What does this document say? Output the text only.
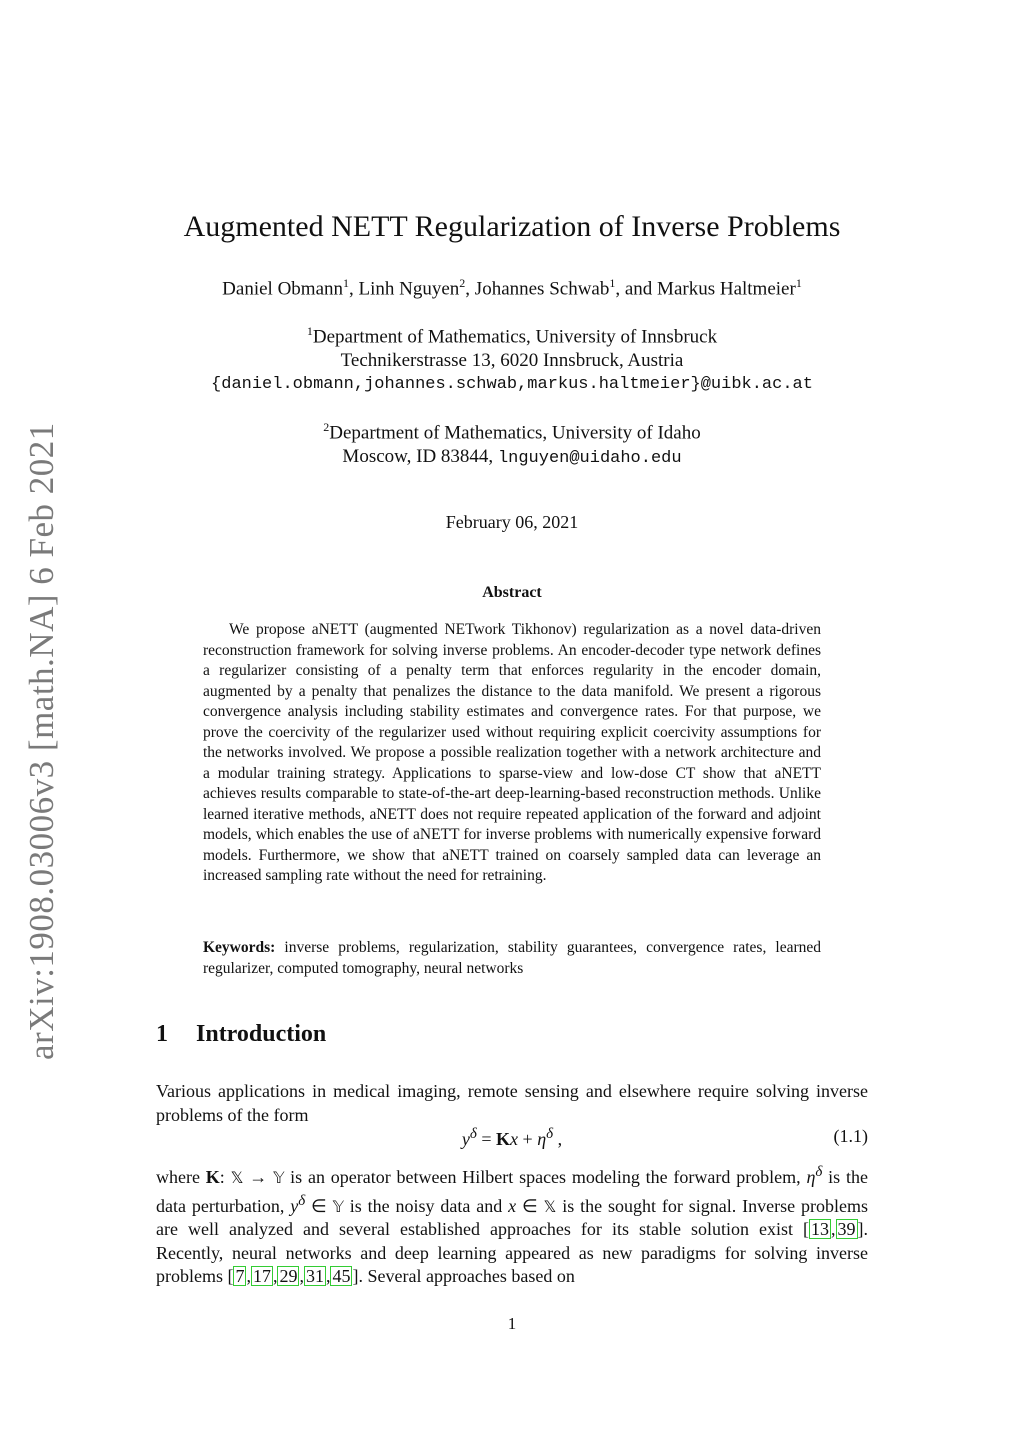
arXiv:1908.03006v3 [math.NA] 6 Feb 2021
Augmented NETT Regularization of Inverse Problems
Daniel Obmann$^1$, Linh Nguyen$^2$, Johannes Schwab$^1$, and Markus Haltmeier$^1$
$^1$Department of Mathematics, University of Innsbruck
Technikerstrasse 13, 6020 Innsbruck, Austria
{daniel.obmann,johannes.schwab,markus.haltmeier}@uibk.ac.at
$^2$Department of Mathematics, University of Idaho
Moscow, ID 83844, lnguyen@uidaho.edu
February 06, 2021
Abstract
We propose aNETT (augmented NETwork Tikhonov) regularization as a novel data-driven reconstruction framework for solving inverse problems. An encoder-decoder type network defines a regularizer consisting of a penalty term that enforces regularity in the encoder domain, augmented by a penalty that penalizes the distance to the data manifold. We present a rigorous convergence analysis including stability estimates and convergence rates. For that purpose, we prove the coercivity of the regularizer used without requiring explicit coercivity assumptions for the networks involved. We propose a possible realization together with a network architecture and a modular training strategy. Applications to sparse-view and low-dose CT show that aNETT achieves results comparable to state-of-the-art deep-learning-based reconstruction methods. Unlike learned iterative methods, aNETT does not require repeated application of the forward and adjoint models, which enables the use of aNETT for inverse problems with numerically expensive forward models. Furthermore, we show that aNETT trained on coarsely sampled data can leverage an increased sampling rate without the need for retraining.
Keywords: inverse problems, regularization, stability guarantees, convergence rates, learned regularizer, computed tomography, neural networks
1 Introduction
Various applications in medical imaging, remote sensing and elsewhere require solving inverse problems of the form
$y^\delta = Kx + \eta^\delta$ ,	(1.1)
where K: 𝕏 → 𝕐 is an operator between Hilbert spaces modeling the forward problem, $\eta^\delta$ is the data perturbation, $y^\delta$ ∈ 𝕐 is the noisy data and x ∈ 𝕏 is the sought for signal. Inverse problems are well analyzed and several established approaches for its stable solution exist [ 13 , 39 ]. Recently, neural networks and deep learning appeared as new paradigms for solving inverse problems [ 7 , 17 , 29 , 31 , 45 ]. Several approaches based on
1
